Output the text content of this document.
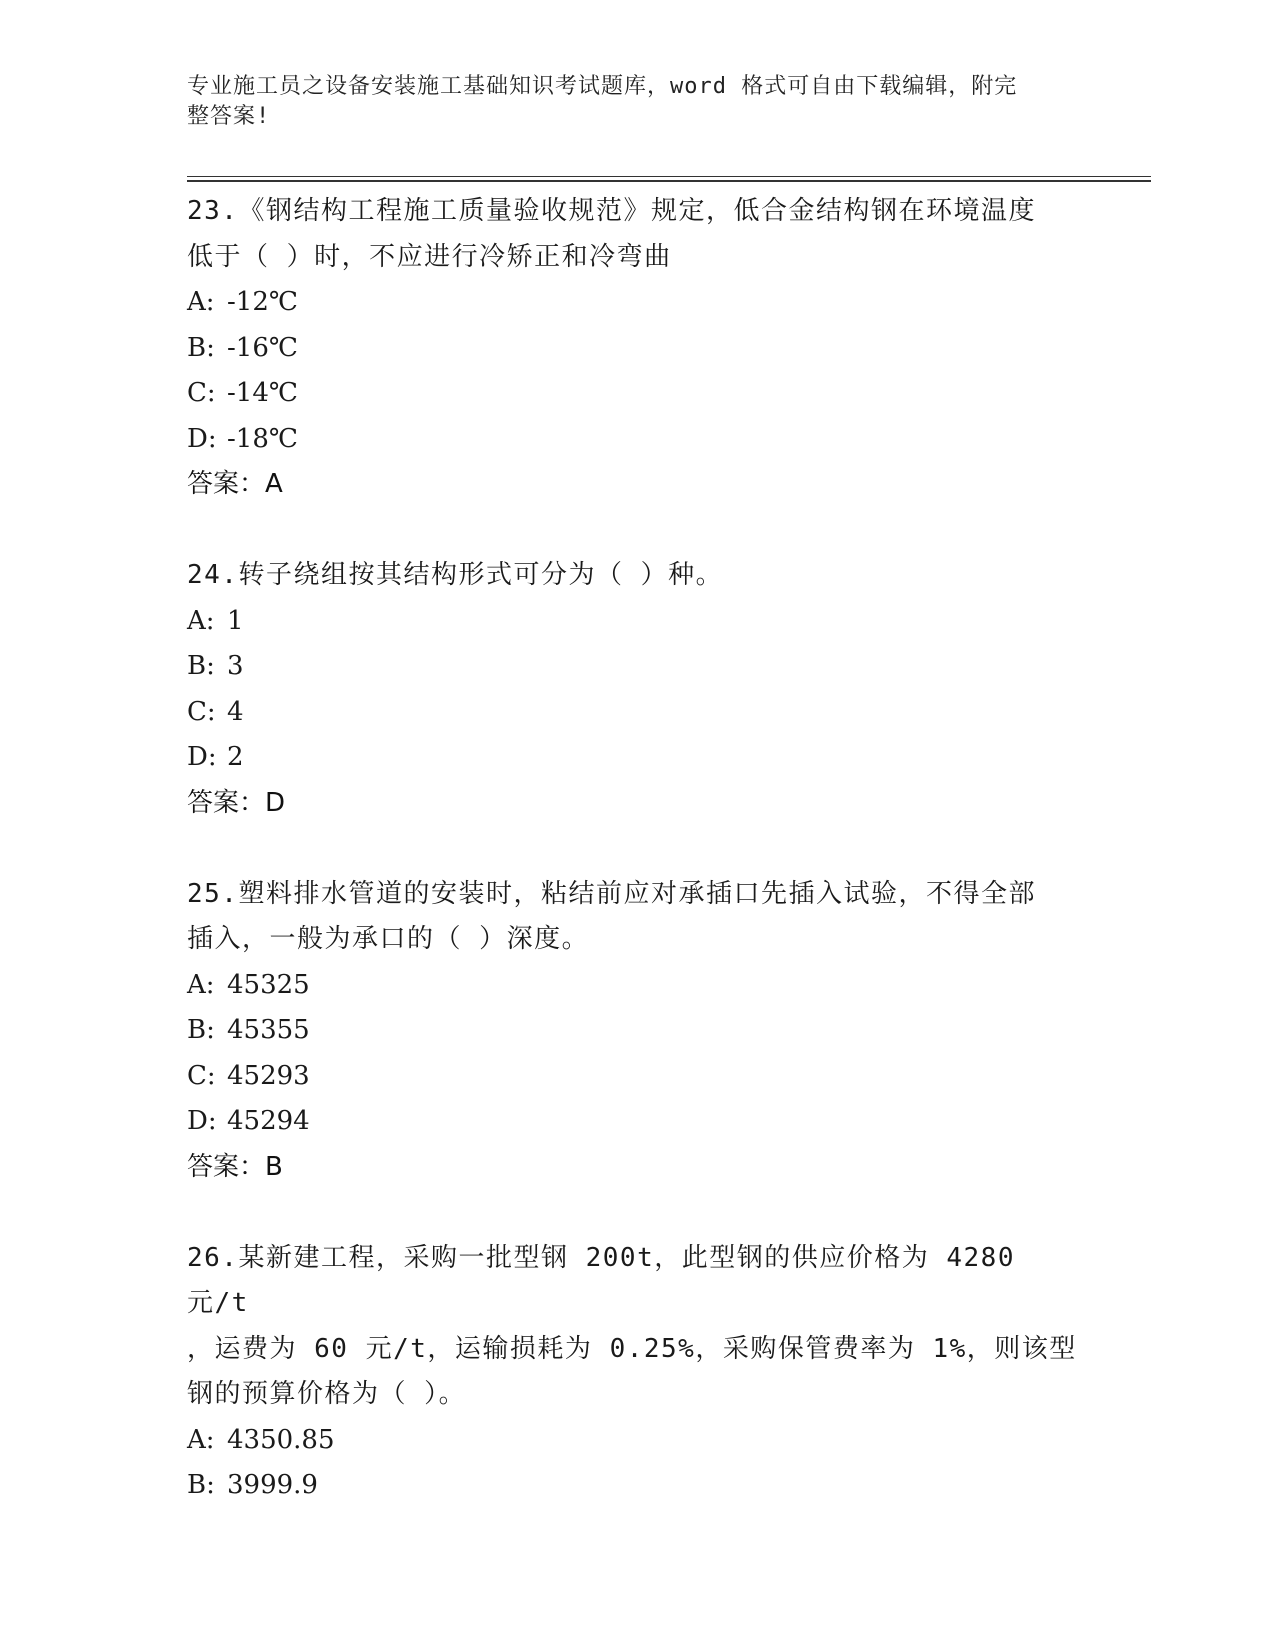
专业施工员之设备安装施工基础知识考试题库，word 格式可自由下载编辑，附完
整答案!
23.《钢结构工程施工质量验收规范》规定，低合金结构钢在环境温度
低于（ ）时，不应进行冷矫正和冷弯曲
A: -12℃
B: -16℃
C: -14℃
D: -18℃
答案：A
24.转子绕组按其结构形式可分为（ ）种。
A: 1
B: 3
C: 4
D: 2
答案：D
25.塑料排水管道的安装时，粘结前应对承插口先插入试验，不得全部
插入，一般为承口的（ ）深度。
A: 45325
B: 45355
C: 45293
D: 45294
答案：B
26.某新建工程，采购一批型钢 200t，此型钢的供应价格为 4280 元/t
，运费为 60 元/t，运输损耗为 0.25%，采购保管费率为 1%，则该型
钢的预算价格为（ ）。
A: 4350.85
B: 3999.9
